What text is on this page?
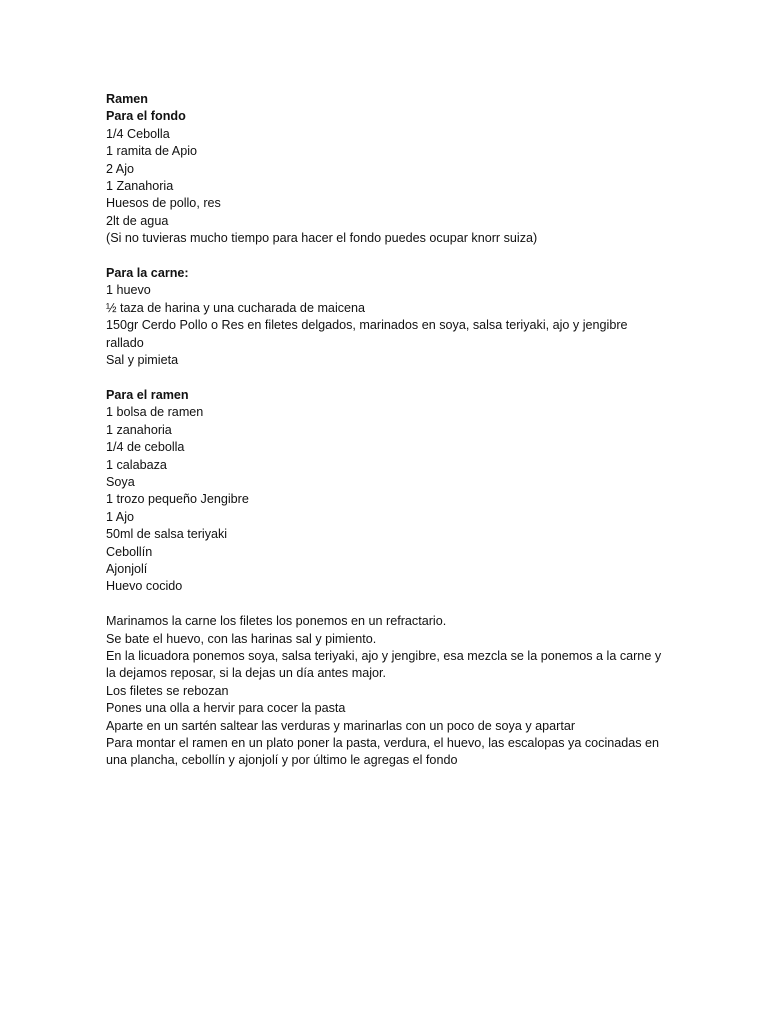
Ramen
Para el fondo
1/4 Cebolla
1 ramita de Apio
2 Ajo
1 Zanahoria
Huesos de pollo, res
2lt de agua
(Si no tuvieras mucho tiempo para hacer el fondo puedes ocupar knorr suiza)
Para la carne:
1 huevo
½ taza de harina y una cucharada de maicena
150gr Cerdo Pollo o Res en filetes delgados, marinados en soya, salsa teriyaki, ajo y jengibre rallado
Sal y pimieta
Para el ramen
1 bolsa de ramen
1 zanahoria
1/4 de cebolla
1 calabaza
Soya
1 trozo pequeño Jengibre
1 Ajo
50ml de salsa teriyaki
Cebollín
Ajonjolí
Huevo cocido
Marinamos la carne los filetes los ponemos en un refractario.
Se bate el huevo, con las harinas sal y pimiento.
En la licuadora ponemos soya, salsa teriyaki, ajo y jengibre, esa mezcla se la ponemos a la carne y la dejamos reposar, si la dejas un día antes major.
Los filetes se rebozan
Pones una olla a hervir para cocer la pasta
Aparte en un sartén saltear las verduras y marinarlas con un poco de soya y apartar
Para montar el ramen en un plato poner la pasta, verdura, el huevo, las escalopas ya cocinadas en una plancha, cebollín y ajonjolí y por último le agregas el fondo
